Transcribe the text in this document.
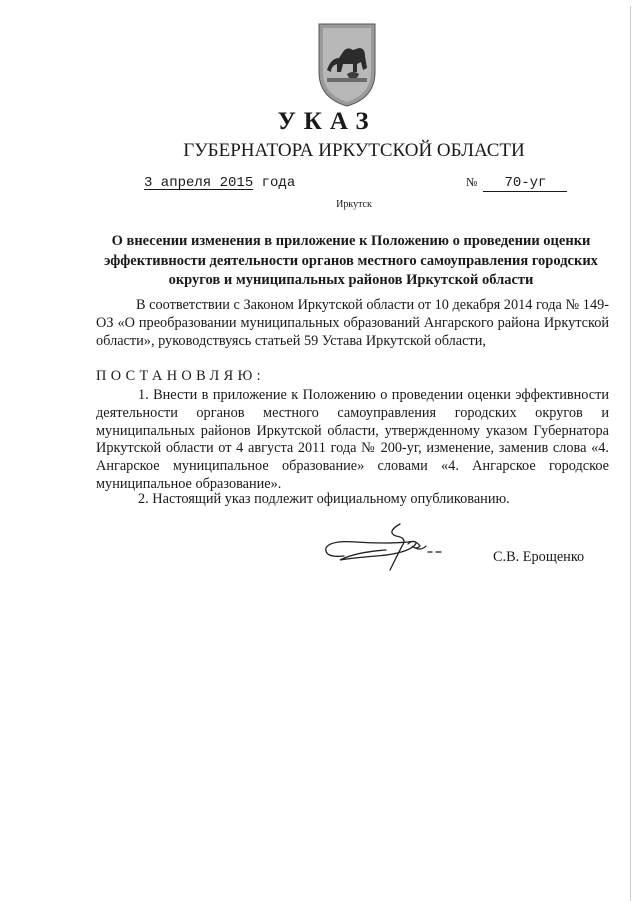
УКАЗ
ГУБЕРНАТОРА ИРКУТСКОЙ ОБЛАСТИ
3 апреля 2015 года	№ 70-уг
Иркутск
О внесении изменения в приложение к Положению о проведении оценки эффективности деятельности органов местного самоуправления городских округов и муниципальных районов Иркутской области
В соответствии с Законом Иркутской области от 10 декабря 2014 года № 149-ОЗ «О преобразовании муниципальных образований Ангарского района Иркутской области», руководствуясь статьей 59 Устава Иркутской области,
ПОСТАНОВЛЯЮ:
1. Внести в приложение к Положению о проведении оценки эффективности деятельности органов местного самоуправления городских округов и муниципальных районов Иркутской области, утвержденному указом Губернатора Иркутской области от 4 августа 2011 года № 200-уг, изменение, заменив слова «4. Ангарское муниципальное образование» словами «4. Ангарское городское муниципальное образование».
2. Настоящий указ подлежит официальному опубликованию.
С.В. Ерощенко
